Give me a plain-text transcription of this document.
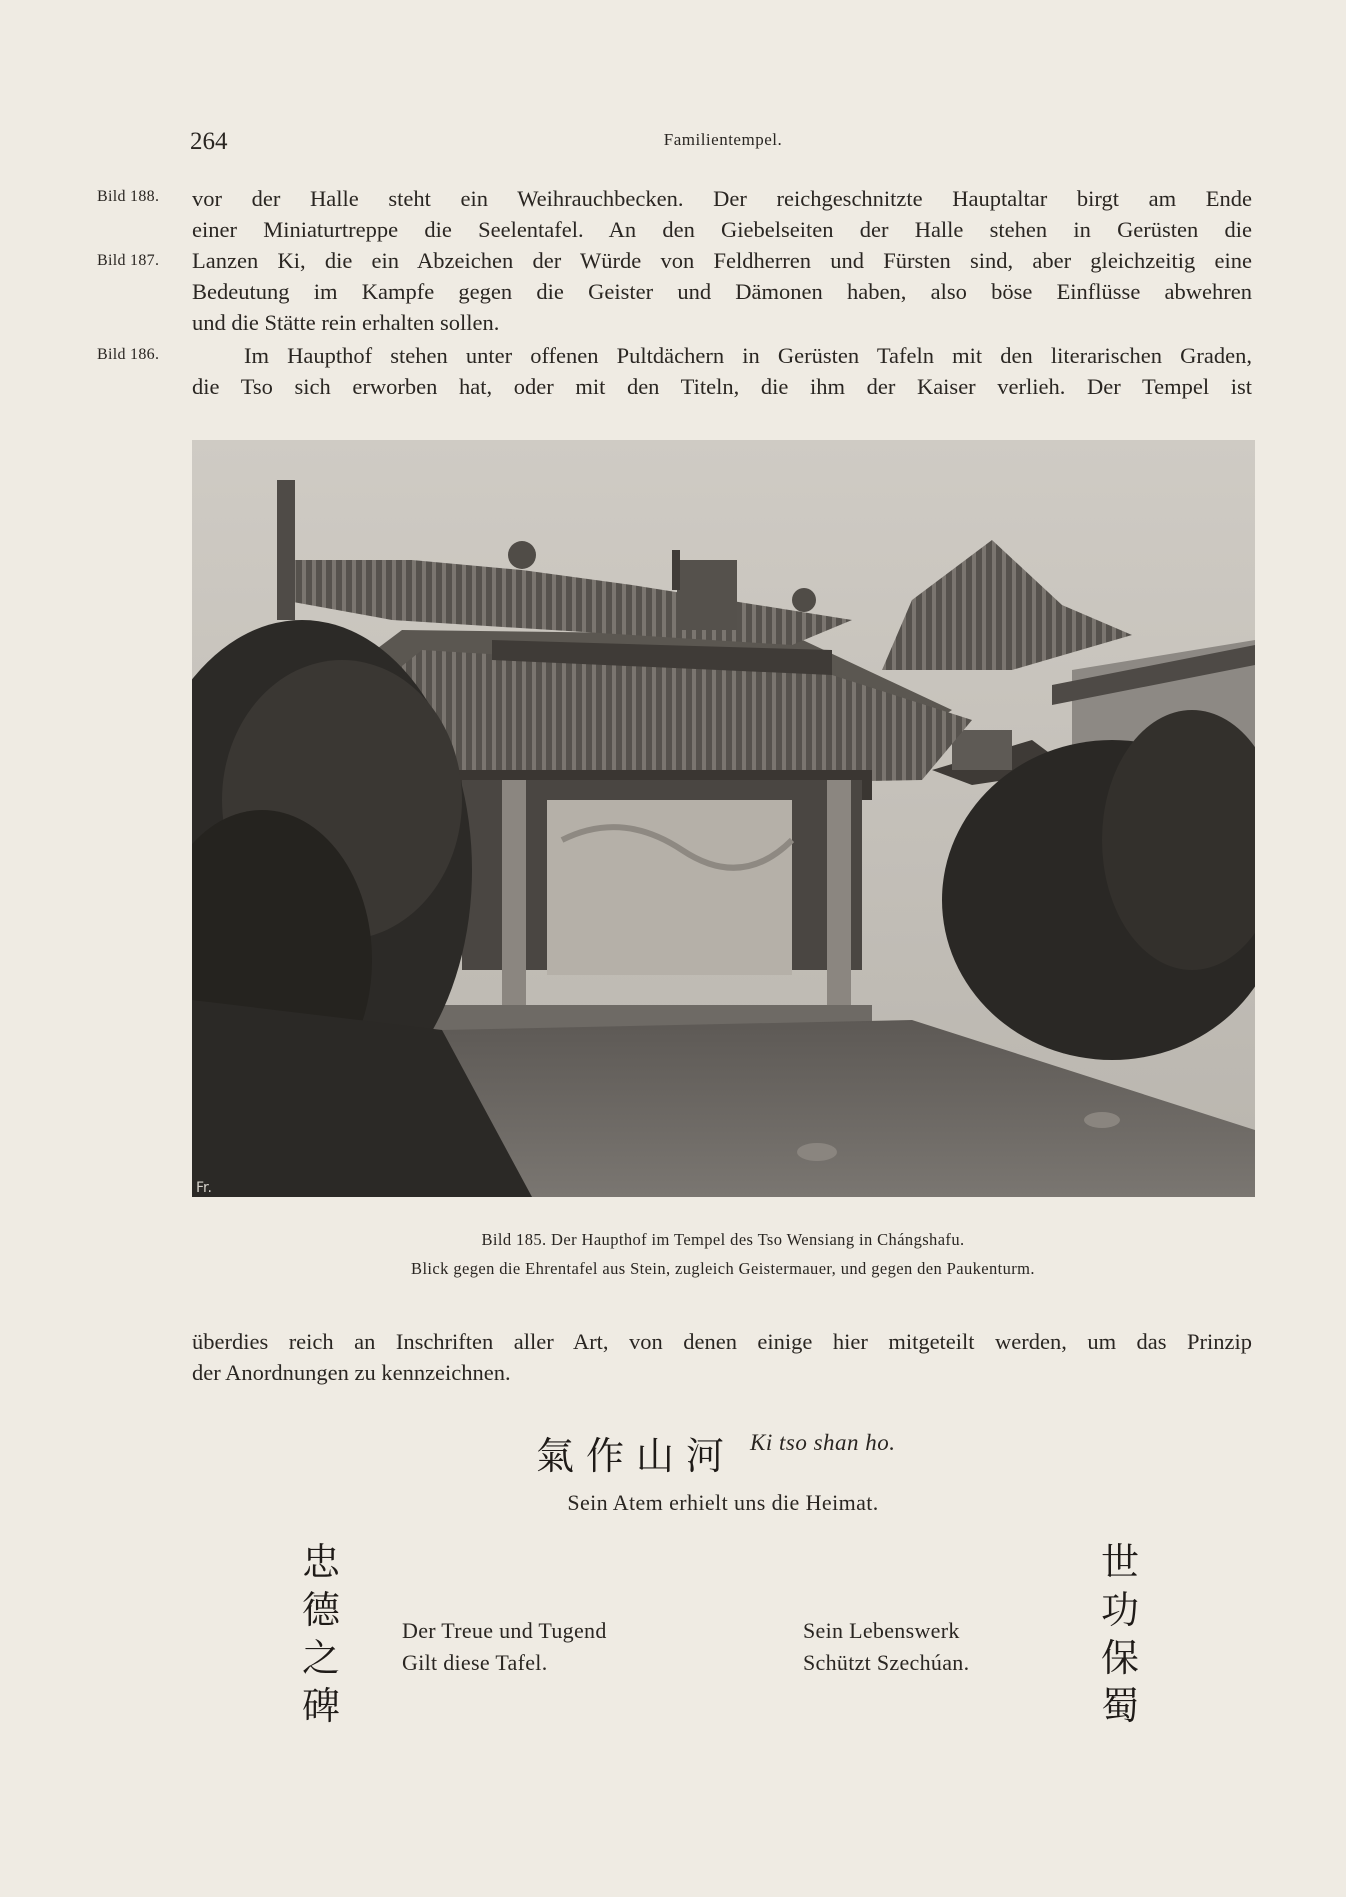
264	Familientempel.
Bild 188.
Bild 187.
Bild 186.
vor der Halle steht ein Weihrauchbecken. Der reichgeschnitzte Hauptaltar birgt am Ende
einer Miniaturtreppe die Seelentafel. An den Giebelseiten der Halle stehen in Gerüsten die
Lanzen Ki, die ein Abzeichen der Würde von Feldherren und Fürsten sind, aber gleichzeitig eine
Bedeutung im Kampfe gegen die Geister und Dämonen haben, also böse Einflüsse abwehren
und die Stätte rein erhalten sollen.
Im Haupthof stehen unter offenen Pultdächern in Gerüsten Tafeln mit den literarischen Graden,
die Tso sich erworben hat, oder mit den Titeln, die ihm der Kaiser verlieh. Der Tempel ist
Fr.
Bild 185. Der Haupthof im Tempel des Tso Wensiang in Chángshafu.
Blick gegen die Ehrentafel aus Stein, zugleich Geistermauer, und gegen den Paukenturm.
überdies reich an Inschriften aller Art, von denen einige hier mitgeteilt werden, um das Prinzip
der Anordnungen zu kennzeichnen.
氣作山河 Ki tso shan ho.
Sein Atem erhielt uns die Heimat.
忠
德
之
碑
Der Treue und Tugend
Gilt diese Tafel.
Sein Lebenswerk
Schützt Szechúan.
世
功
保
蜀
